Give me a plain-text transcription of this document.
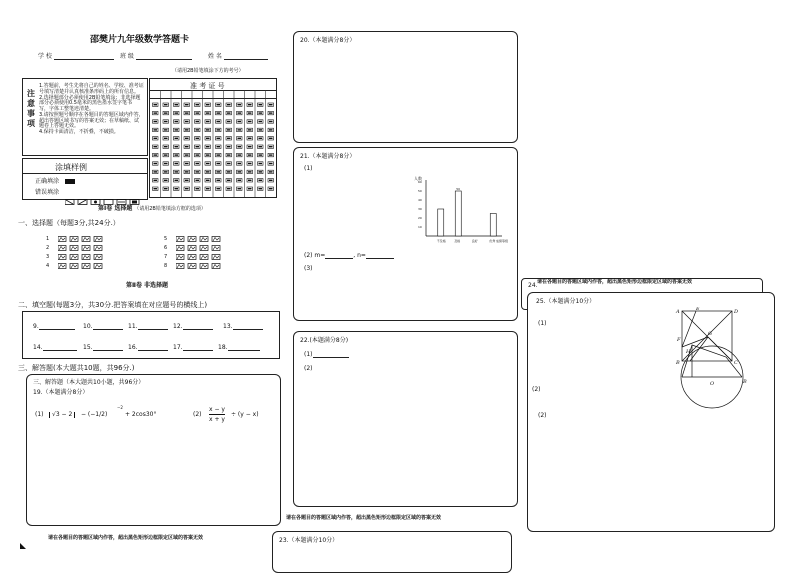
邵樊片九年级数学答题卡
学 校	班 级	姓 名
注意事项
1.答题前，考生先将自己的姓名、学校、准考证
号填写清楚并认真核准条形码上的所有信息。
2.选择题部分必须使用2B铅笔填涂；非选择题
部分必须使用0.5毫米的黑色墨水签字笔书
写，字体工整笔迹清楚。
3.请按照题号顺序在各题目的答题区域内作答，
超出答题区域书写的答案无效；在草稿纸、试
题卷上答题无效。
4.保持卡面清洁，不折叠，不破损。
涂填样例
正确填涂
错误填涂
（请用2B铅笔填涂下方的考号）
准 考 证 号
第Ⅰ卷 选择题 （请用2B铅笔填涂方框的选项）
一、选择题（每题3分,共24分.）
1
2
3
4
5
6
7
8
第Ⅱ卷 非选择题
二、填空题(每题3分，共30分.把答案填在对应题号的横线上)
9.	10.	11.	12.	13.
14.	15.	16.	17.	18.
三、解答题(本大题共10题，共96分.)
三、解答题（本大题共10小题，共96分）
19.（本题满分8分）
(1)	√3 − 2	− (−1/2)
−2
+ 2cos30°	(2)
x − y
x + y
÷ (y − x)
请在各题目的答题区域内作答，超出黑色矩形边框限定区域的答案无效
20.（本题满分8分）
21.（本题满分8分）
(1)
人数
成绩等级
60
50
40
30
20
10
不及格	及格
50
良好	优秀
(2) m=	, n=
(3)
22.(本题满分8分)
(1)
(2)
请在各题目的答题区域内作答，超出黑色矩形边框限定区域的答案无效
23.（本题满分10分）
24. 请在各题目的答题区域内作答，超出黑色矩形边框限定区域的答案无效
25.（本题满分10分）
(1)
(2)
(2)
A
B	C
D
E
F
G
H
O	B
